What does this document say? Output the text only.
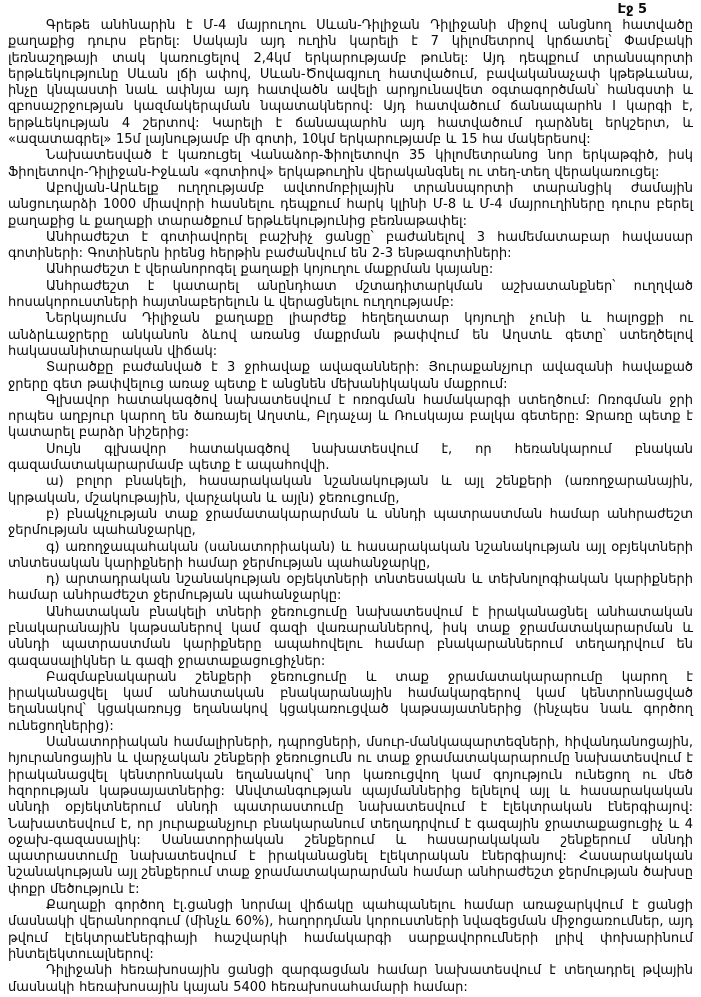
Էջ 5

Գրեթե անհնարին է Մ-4 մայրուղու Սևան-Դիլիջան Դիլիջանի միջով անցնող հատվածը քաղաքից դուրս բերել: Սակայն այդ ուղին կարելի է 7 կիլոմետրով կրճատել՝ Փամբակի լեռնաշղթայի տակ կառուցելով 2,4կմ երկարությամբ թունել: Այդ դեպքում տրանսպորտի երթևեկությունը Սևան լճի ափով, Սևան-Ծովագյուղ հատվածում, բավականաչափ կթեթևանա, ինչը կնպաստի նաև ափնյա այդ հատվածն ավելի արդյունավետ օգտագործման՝ հանգստի և զբոսաշրջության կազմակերպման նպատակներով: Այդ հատվածում ճանապարհն I կարգի է, երթևեկության 4 շերտով: Կարելի է ճանապարհն այդ հատվածում դարձնել երկշերտ, և «ազատագրել» 15մ լայնությամբ մի գոտի, 10կմ երկարությամբ և 15 հա մակերեսով:

Նախատեսված է կառուցել Վանաձոր-Ֆիոլետովո 35 կիլոմետրանոց նոր երկաթգիծ, իսկ Ֆիոլետովո-Դիլիջան-Իջևան «գոտիով» երկաթուղին վերականգնել ու տեղ-տեղ վերակառուցել:

Աբովյան-Արևելք ուղղությամբ ավտոմոբիլային տրանսպորտի տարանցիկ ժամային անցուդարձի 1000 միավորի հասնելու դեպքում հարկ կլինի Մ-8 և Մ-4 մայրուղիները դուրս բերել քաղաքից և քաղաքի տարածքում երթևեկությունից բեռնաթափել:

Անհրաժեշտ է գոտիավորել բաշխիչ ցանցը՝ բաժանելով 3 համեմատաբար հավասար գոտիների: Գոտիներն իրենց հերթին բաժանվում են 2-3 ենթագոտիների:

Անհրաժեշտ է վերանորոգել քաղաքի կոյուղու մաքրման կայանը:

Անհրաժեշտ է կատարել անընդհատ մշտադիտարկման աշխատանքներ՝ ուղղված հոսակորուստների հայտնաբերելուն և վերացնելու ուղղությամբ:

Ներկայումս Դիլիջան քաղաքը լիարժեք հեղեղատար կոյուղի չունի և հալոցքի ու անձրևաջրերը անկանոն ձևով առանց մաքրման թափվում են Աղստև գետը՝ ստեղծելով հակասանիտարական վիճակ:

Տարածքը բաժանված է 3 ջրհավաք ավազանների: Յուրաքանչյուր ավազանի հավաքած ջրերը գետ թափվելուց առաջ պետք է անցնեն մեխանիկական մաքրում:

Գլխավոր հատակագծով նախատեսվում է ոռոգման համակարգի ստեղծում: Ոռոգման ջրի որպես աղբյուր կարող են ծառայել Աղստև, Բլդաչայ և Ռուսկայա բալկա գետերը: Ջրառը պետք է կատարել բարձր նիշերից:

Սույն գլխավոր հատակագծով նախատեսվում է, որ հեռանկարում բնական գազամատակարարմամբ պետք է ապահովվի.

ա) բոլոր բնակելի, հասարակական նշանակության և այլ շենքերի (առողջարանային, կրթական, մշակութային, վարչական և այլն) ջեռուցումը,

բ) բնակչության տաք ջրամատակարարման և սննդի պատրաստման համար անհրաժեշտ ջերմության պահանջարկը,

գ) առողջապահական (սանատորիական) և հասարակական նշանակության այլ օբյեկտների տնտեսական կարիքների համար ջերմության պահանջարկը,

դ) արտադրական նշանակության օբյեկտների տնտեսական և տեխնոլոգիական կարիքների համար անհրաժեշտ ջերմության պահանջարկը:

Անհատական բնակելի տների ջեռուցումը նախատեսվում է իրականացնել անհատական բնակարանային կաթսաներով կամ գազի վառարաններով, իսկ տաք ջրամատակարարման և սննդի պատրաստման կարիքները ապահովելու համար բնակարաններում տեղադրվում են գազասալիկներ և գազի ջրատաքացուցիչներ:

Բազմաբնակարան շենքերի ջեռուցումը և տաք ջրամատակարարումը կարող է իրականացվել կամ անհատական բնակարանային համակարգերով կամ կենտրոնացված եղանակով՝ կցակառույց եղանակով կցակառուցված կաթսայատներից (ինչպես նաև գործող ունեցողներից):

Սանատորիական համալիրների, դպրոցների, մսուր-մանկապարտեզների, հիվանդանոցային, հյուրանոցային և վարչական շենքերի ջեռուցումն ու տաք ջրամատակարարումը նախատեսվում է իրականացվել կենտրոնական եղանակով՝ նոր կառուցվող կամ գոյություն ունեցող ու մեծ հզորության կաթսայատներից: Անվտանգության պայմաններից ելնելով այլ և հասարակական սննդի օբյեկտներում սննդի պատրաստումը նախատեսվում է էլեկտրական էներգիայով: Նախատեսվում է, որ յուրաքանչյուր բնակարանում տեղադրվում է գազային ջրատաքացուցիչ և 4 օջախ-գազասալիկ: Սանատորիական շենքերում և հասարակական շենքերում սննդի պատրաստումը նախատեսվում է իրականացնել էլեկտրական էներգիայով: Հասարակական նշանակության այլ շենքերում տաք ջրամատակարարման համար անհրաժեշտ ջերմության ծախսը փոքր մեծություն է:

Քաղաքի գործող էլ.ցանցի նորմալ վիճակը պահպանելու համար առաջարկվում է ցանցի մասնակի վերանորոգում (մինչև 60%), հաղորդման կորուստների նվազեցման միջոցառումներ, այդ թվում էլեկտրաէներգիայի հաշվարկի համակարգի սարքավորումների լրիվ փոխարինում ինտելեկտուալներով:

Դիլիջանի հեռախոսային ցանցի զարգացման համար նախատեսվում է տեղադրել թվային մասնակի հեռախոսային կայան 5400 հեռախոսահամարի համար:
